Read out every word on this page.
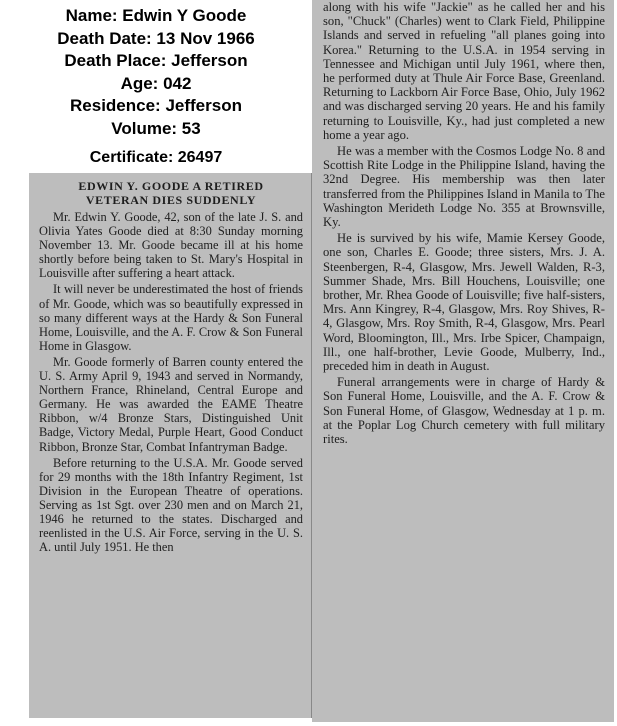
Name: Edwin Y Goode
Death Date: 13 Nov 1966
Death Place: Jefferson
Age: 042
Residence: Jefferson
Volume: 53
Certificate: 26497
EDWIN Y. GOODE A RETIRED
VETERAN DIES SUDDENLY

Mr. Edwin Y. Goode, 42, son of the late J. S. and Olivia Yates Goode died at 8:30 Sunday morning November 13. Mr. Goode became ill at his home shortly before being taken to St. Mary's Hospital in Louisville after suffering a heart attack.

It will never be underestimated the host of friends of Mr. Goode, which was so beautifully expressed in so many different ways at the Hardy & Son Funeral Home, Louisville, and the A. F. Crow & Son Funeral Home in Glasgow.

Mr. Goode formerly of Barren county entered the U. S. Army April 9, 1943 and served in Normandy, Northern France, Rhineland, Central Europe and Germany. He was awarded the EAME Theatre Ribbon, w/4 Bronze Stars, Distinguished Unit Badge, Victory Medal, Purple Heart, Good Conduct Ribbon, Bronze Star, Combat Infantryman Badge.

Before returning to the U.S.A. Mr. Goode served for 29 months with the 18th Infantry Regiment, 1st Division in the European Theatre of operations. Serving as 1st Sgt. over 230 men and on March 21, 1946 he returned to the states. Discharged and reenlisted in the U.S. Air Force, serving in the U. S. A. until July 1951. He then

along with his wife "Jackie" as he called her and his son, "Chuck" (Charles) went to Clark Field, Philippine Islands and served in refueling "all planes going into Korea." Returning to the U.S.A. in 1954 serving in Tennessee and Michigan until July 1961, where then, he performed duty at Thule Air Force Base, Greenland. Returning to Lackborn Air Force Base, Ohio, July 1962 and was discharged serving 20 years. He and his family returning to Louisville, Ky., had just completed a new home a year ago.

He was a member with the Cosmos Lodge No. 8 and Scottish Rite Lodge in the Philippine Island, having the 32nd Degree. His membership was then later transferred from the Philippines Island in Manila to The Washington Merideth Lodge No. 355 at Brownsville, Ky.

He is survived by his wife, Mamie Kersey Goode, one son, Charles E. Goode; three sisters, Mrs. J. A. Steenbergen, R-4, Glasgow, Mrs. Jewell Walden, R-3, Summer Shade, Mrs. Bill Houchens, Louisville; one brother, Mr. Rhea Goode of Louisville; five half-sisters, Mrs. Ann Kingrey, R-4, Glasgow, Mrs. Roy Shives, R-4, Glasgow, Mrs. Roy Smith, R-4, Glasgow, Mrs. Pearl Word, Bloomington, Ill., Mrs. Irbe Spicer, Champaign, Ill., one half-brother, Levie Goode, Mulberry, Ind., preceded him in death in August.

Funeral arrangements were in charge of Hardy & Son Funeral Home, Louisville, and the A. F. Crow & Son Funeral Home, of Glasgow, Wednesday at 1 p. m. at the Poplar Log Church cemetery with full military rites.
